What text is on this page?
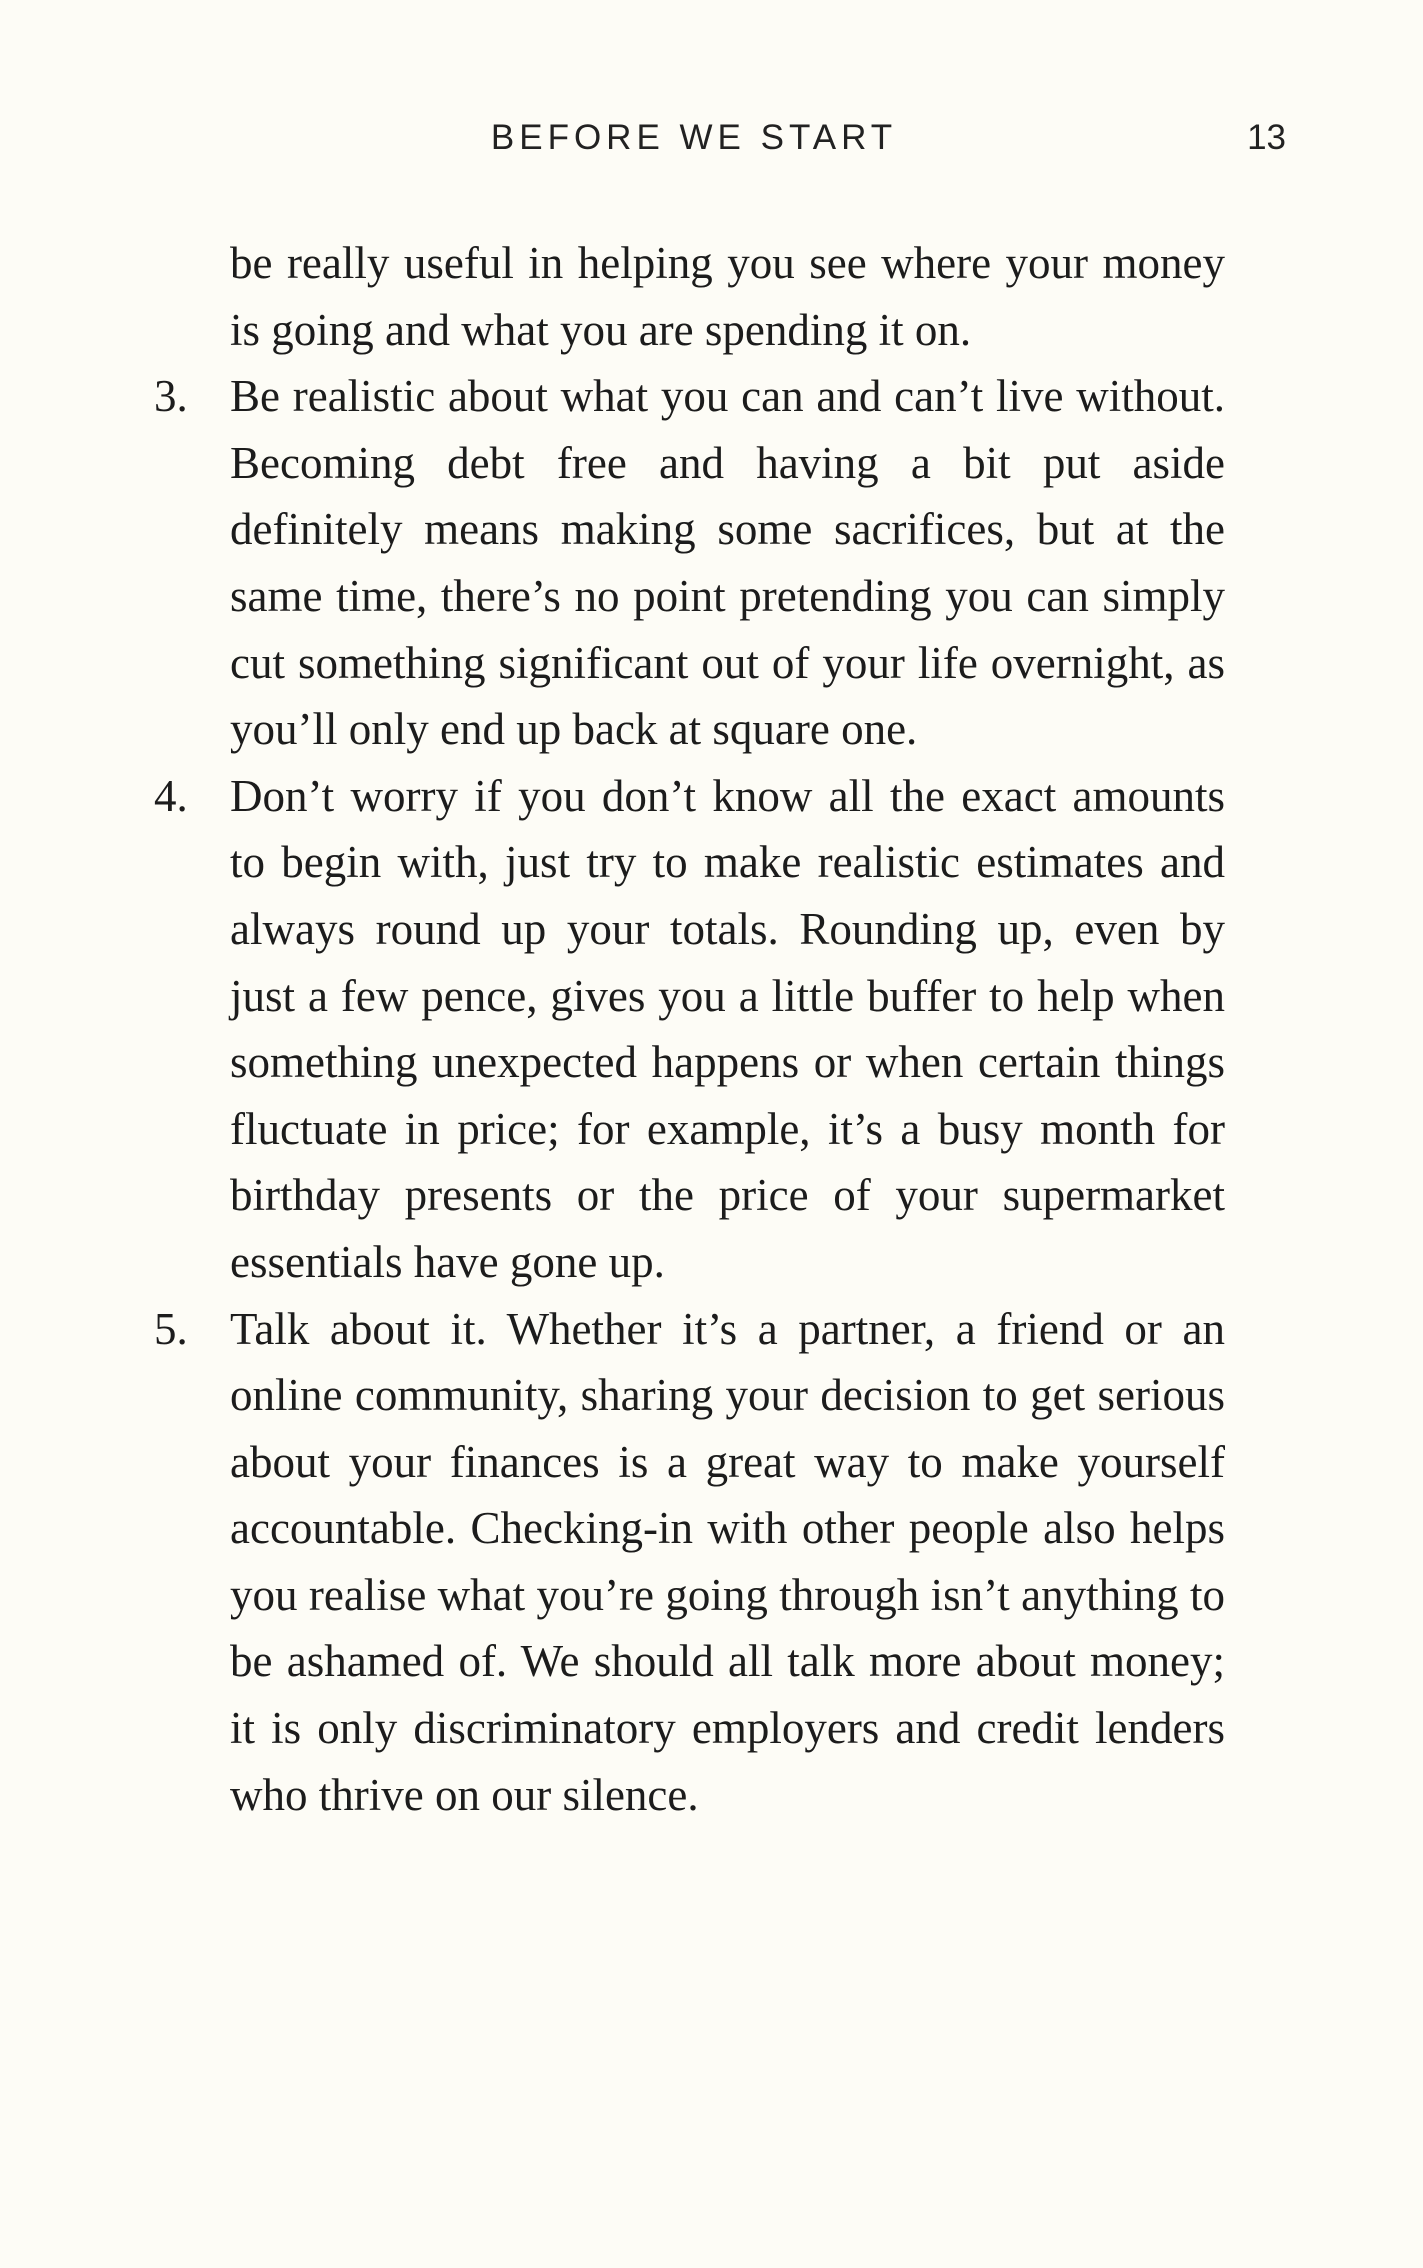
BEFORE WE START	13

be really useful in helping you see where your money is going and what you are spending it on.

3. Be realistic about what you can and can’t live without. Becoming debt free and having a bit put aside definitely means making some sacrifices, but at the same time, there’s no point pretending you can simply cut something significant out of your life overnight, as you’ll only end up back at square one.

4. Don’t worry if you don’t know all the exact amounts to begin with, just try to make realistic estimates and always round up your totals. Rounding up, even by just a few pence, gives you a little buffer to help when something unexpected happens or when certain things fluctuate in price; for example, it’s a busy month for birthday presents or the price of your supermarket essentials have gone up.

5. Talk about it. Whether it’s a partner, a friend or an online community, sharing your decision to get serious about your finances is a great way to make yourself accountable. Checking-in with other people also helps you realise what you’re going through isn’t anything to be ashamed of. We should all talk more about money; it is only discriminatory employers and credit lenders who thrive on our silence.
